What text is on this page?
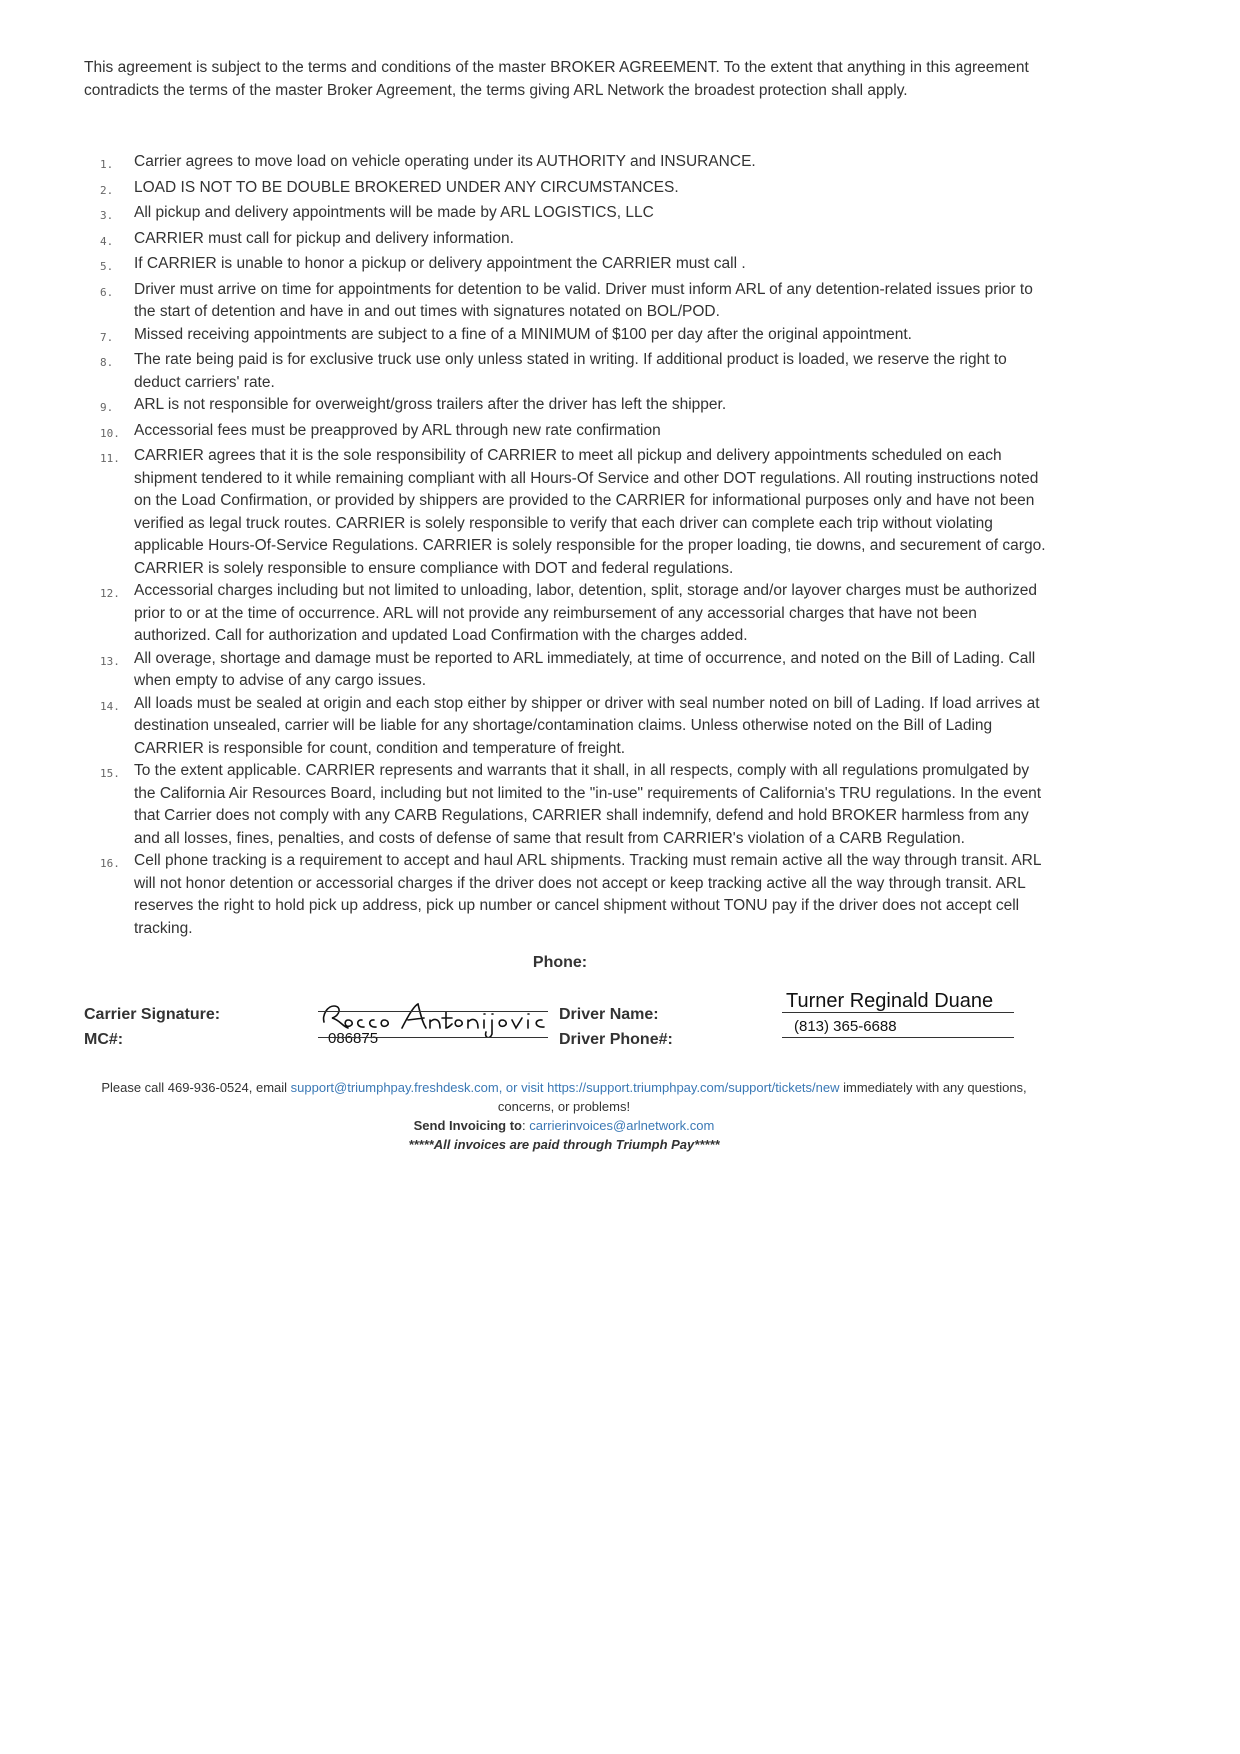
This agreement is subject to the terms and conditions of the master BROKER AGREEMENT. To the extent that anything in this agreement contradicts the terms of the master Broker Agreement, the terms giving ARL Network the broadest protection shall apply.

1.	Carrier agrees to move load on vehicle operating under its AUTHORITY and INSURANCE.
2.	LOAD IS NOT TO BE DOUBLE BROKERED UNDER ANY CIRCUMSTANCES.
3.	All pickup and delivery appointments will be made by ARL LOGISTICS, LLC
4.	CARRIER must call for pickup and delivery information.
5.	If CARRIER is unable to honor a pickup or delivery appointment the CARRIER must call .
6.	Driver must arrive on time for appointments for detention to be valid. Driver must inform ARL of any detention-related issues prior to the start of detention and have in and out times with signatures notated on BOL/POD.
7.	Missed receiving appointments are subject to a fine of a MINIMUM of $100 per day after the original appointment.
8.	The rate being paid is for exclusive truck use only unless stated in writing. If additional product is loaded, we reserve the right to deduct carriers' rate.
9.	ARL is not responsible for overweight/gross trailers after the driver has left the shipper.
10. Accessorial fees must be preapproved by ARL through new rate confirmation
11. CARRIER agrees that it is the sole responsibility of CARRIER to meet all pickup and delivery appointments scheduled on each shipment tendered to it while remaining compliant with all Hours-Of Service and other DOT regulations. All routing instructions noted on the Load Confirmation, or provided by shippers are provided to the CARRIER for informational purposes only and have not been verified as legal truck routes. CARRIER is solely responsible to verify that each driver can complete each trip without violating applicable Hours-Of-Service Regulations. CARRIER is solely responsible for the proper loading, tie downs, and securement of cargo. CARRIER is solely responsible to ensure compliance with DOT and federal regulations.
12. Accessorial charges including but not limited to unloading, labor, detention, split, storage and/or layover charges must be authorized prior to or at the time of occurrence. ARL will not provide any reimbursement of any accessorial charges that have not been authorized. Call for authorization and updated Load Confirmation with the charges added.
13. All overage, shortage and damage must be reported to ARL immediately, at time of occurrence, and noted on the Bill of Lading. Call when empty to advise of any cargo issues.
14. All loads must be sealed at origin and each stop either by shipper or driver with seal number noted on bill of Lading. If load arrives at destination unsealed, carrier will be liable for any shortage/contamination claims. Unless otherwise noted on the Bill of Lading CARRIER is responsible for count, condition and temperature of freight.
15. To the extent applicable. CARRIER represents and warrants that it shall, in all respects, comply with all regulations promulgated by the California Air Resources Board, including but not limited to the "in-use" requirements of California's TRU regulations. In the event that Carrier does not comply with any CARB Regulations, CARRIER shall indemnify, defend and hold BROKER harmless from any and all losses, fines, penalties, and costs of defense of same that result from CARRIER's violation of a CARB Regulation.
16. Cell phone tracking is a requirement to accept and haul ARL shipments. Tracking must remain active all the way through transit. ARL will not honor detention or accessorial charges if the driver does not accept or keep tracking active all the way through transit. ARL reserves the right to hold pick up address, pick up number or cancel shipment without TONU pay if the driver does not accept cell tracking.
Phone:
Carrier Signature:	Driver Name:
Turner Reginald Duane
MC#:	086875	Driver Phone#:
(813) 365-6688
Please call 469-936-0524, email support@triumphpay.freshdesk.com, or visit https://support.triumphpay.com/support/tickets/new immediately with any questions, concerns, or problems!
Send Invoicing to: carrierinvoices@arlnetwork.com
*****All invoices are paid through Triumph Pay*****
